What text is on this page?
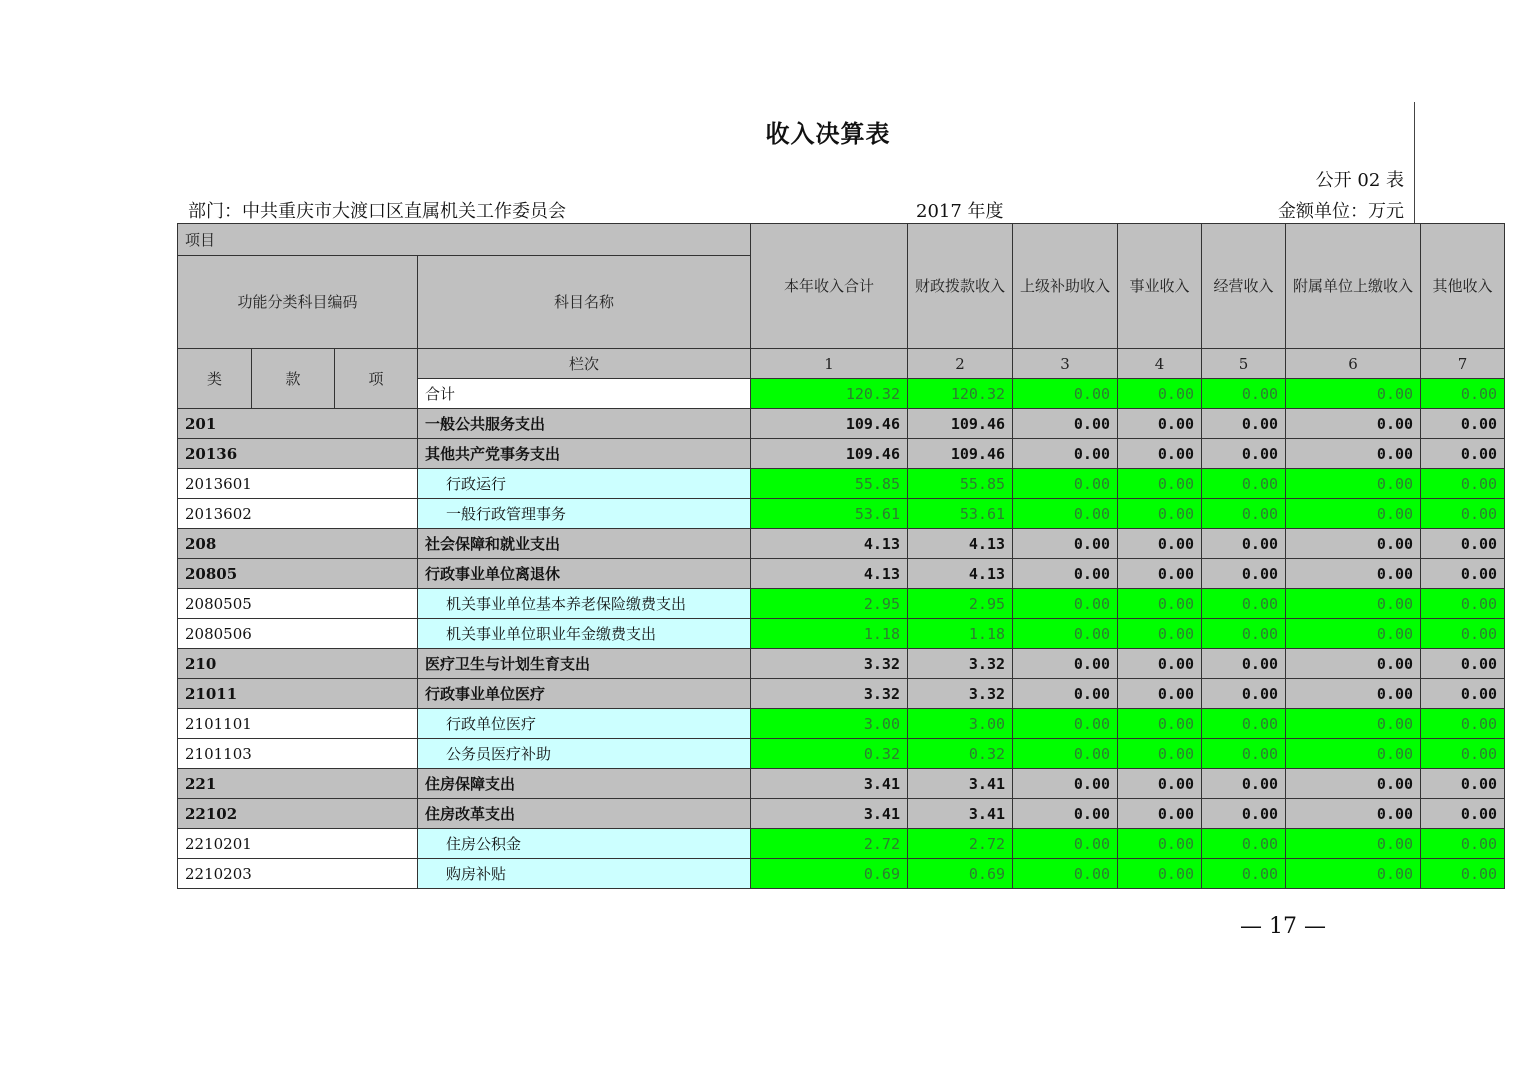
收入决算表
公开 02 表
部门：中共重庆市大渡口区直属机关工作委员会	2017 年度	金额单位：万元
项目				本年收入合计	财政拨款收入	上级补助收入	事业收入	经营收入	附属单位上缴收入	其他收入
功能分类科目编码			科目名称							
类	款	项	栏次	1	2	3	4	5	6	7
			合计	120.32	120.32	0.00	0.00	0.00	0.00	0.00
201			一般公共服务支出	109.46	109.46	0.00	0.00	0.00	0.00	0.00
20136			其他共产党事务支出	109.46	109.46	0.00	0.00	0.00	0.00	0.00
2013601			行政运行	55.85	55.85	0.00	0.00	0.00	0.00	0.00
2013602			一般行政管理事务	53.61	53.61	0.00	0.00	0.00	0.00	0.00
208			社会保障和就业支出	4.13	4.13	0.00	0.00	0.00	0.00	0.00
20805			行政事业单位离退休	4.13	4.13	0.00	0.00	0.00	0.00	0.00
2080505			机关事业单位基本养老保险缴费支出	2.95	2.95	0.00	0.00	0.00	0.00	0.00
2080506			机关事业单位职业年金缴费支出	1.18	1.18	0.00	0.00	0.00	0.00	0.00
210			医疗卫生与计划生育支出	3.32	3.32	0.00	0.00	0.00	0.00	0.00
21011			行政事业单位医疗	3.32	3.32	0.00	0.00	0.00	0.00	0.00
2101101			行政单位医疗	3.00	3.00	0.00	0.00	0.00	0.00	0.00
2101103			公务员医疗补助	0.32	0.32	0.00	0.00	0.00	0.00	0.00
221			住房保障支出	3.41	3.41	0.00	0.00	0.00	0.00	0.00
22102			住房改革支出	3.41	3.41	0.00	0.00	0.00	0.00	0.00
2210201			住房公积金	2.72	2.72	0.00	0.00	0.00	0.00	0.00
2210203			购房补贴	0.69	0.69	0.00	0.00	0.00	0.00	0.00
— 17 —
